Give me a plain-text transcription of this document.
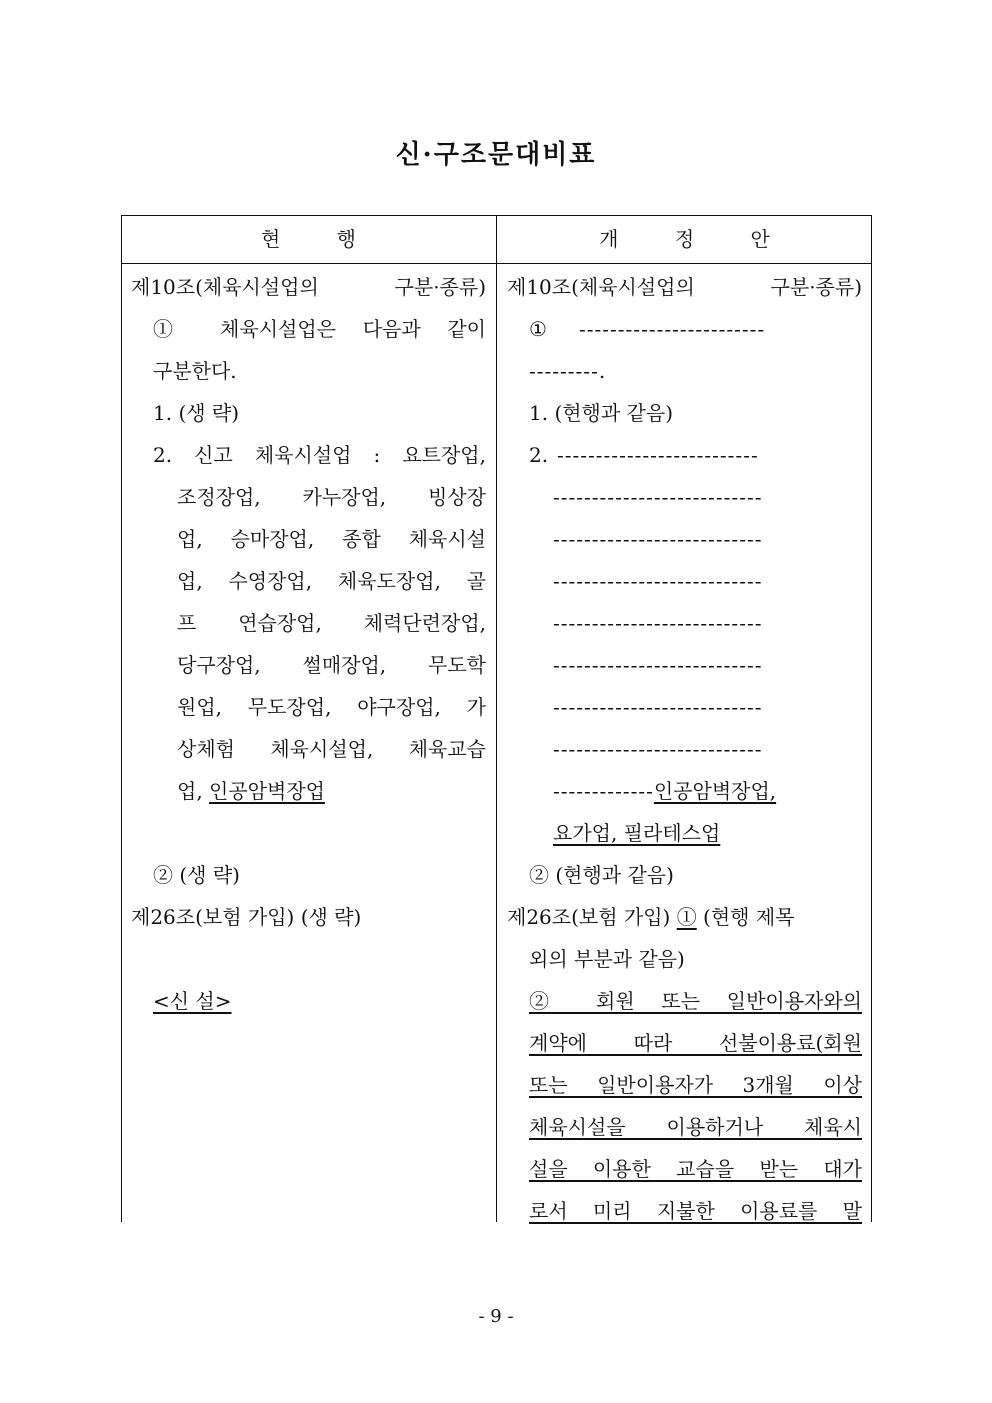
신·구조문대비표
현 행	개 정 안
제10조(체육시설업의 구분·종류)
① 체육시설업은 다음과 같이
구분한다.
1. (생 략)
2. 신고 체육시설업 : 요트장업,
조정장업, 카누장업, 빙상장
업, 승마장업, 종합 체육시설
업, 수영장업, 체육도장업, 골
프 연습장업, 체력단련장업,
당구장업, 썰매장업, 무도학
원업, 무도장업, 야구장업, 가
상체험 체육시설업, 체육교습
업, 인공암벽장업
② (생 략)
제26조(보험 가입) (생 략)
<신 설>
제10조(체육시설업의 구분·종류)
① ------------------------
---------.
1. (현행과 같음)
2. --------------------------
---------------------------
---------------------------
---------------------------
---------------------------
---------------------------
---------------------------
---------------------------
-------------인공암벽장업,
요가업, 필라테스업
② (현행과 같음)
제26조(보험 가입) ① (현행 제목
외의 부분과 같음)
② 회원 또는 일반이용자와의
계약에 따라 선불이용료(회원
또는 일반이용자가 3개월 이상
체육시설을 이용하거나 체육시
설을 이용한 교습을 받는 대가
로서 미리 지불한 이용료를 말
- 9 -
